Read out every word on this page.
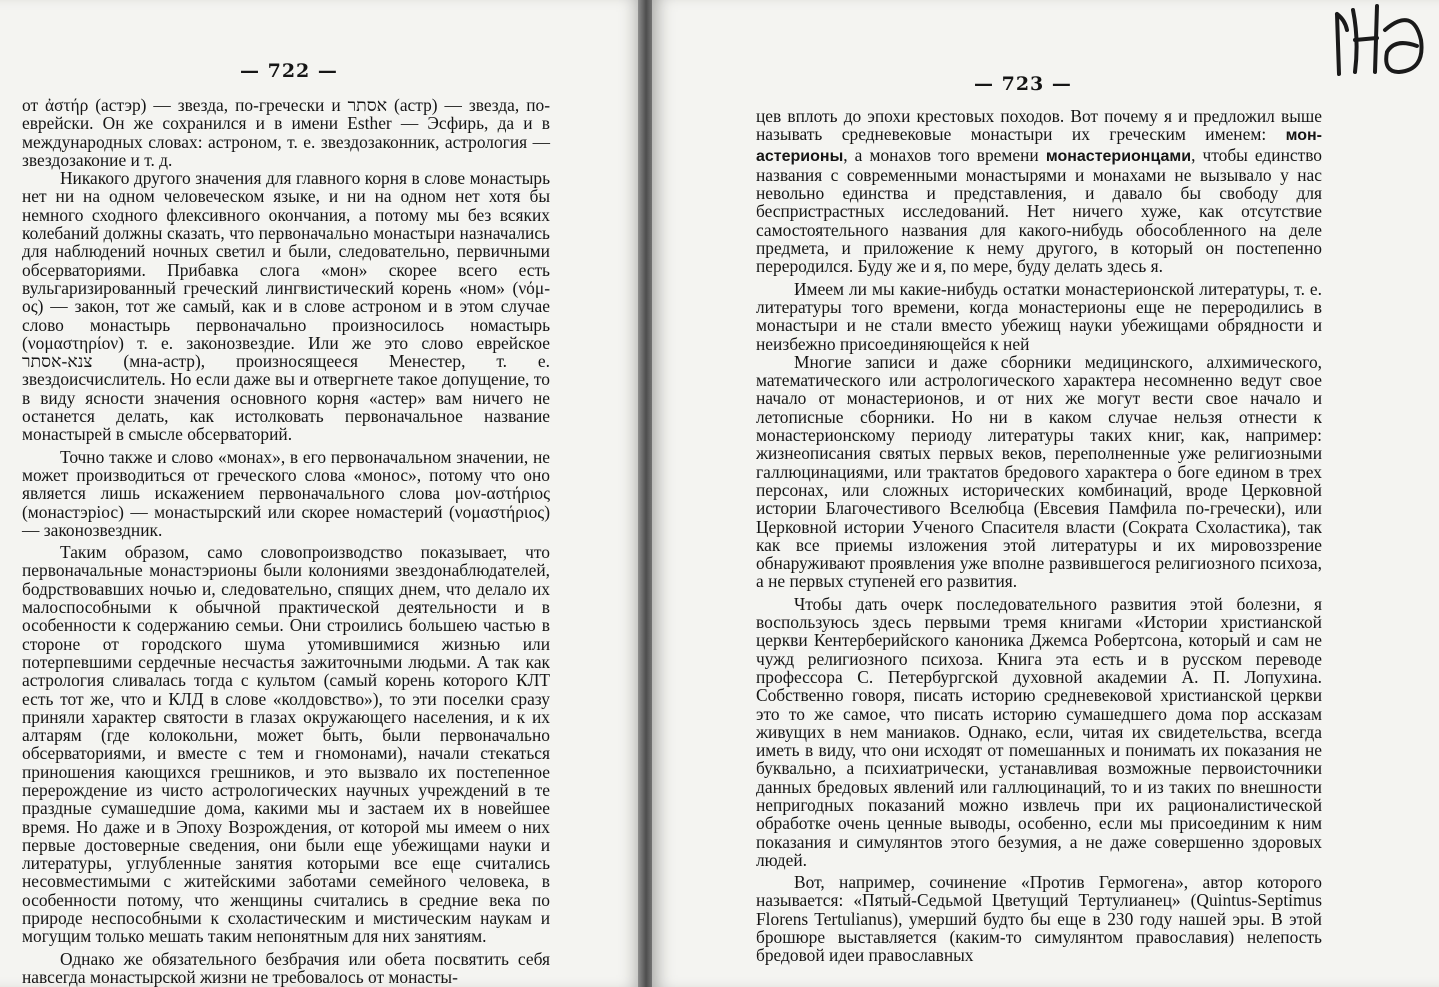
— 722 —

от ἀστήρ (астэр) — звезда, по-гречески и אסתר (астр) — звезда, по-еврейски. Он же сохранился и в имени Esther — Эсфирь, да и в международных словах: астроном, т. е. звездозаконник, астрология — звездозаконие и т. д.

Никакого другого значения для главного корня в слове монастырь нет ни на одном человеческом языке, и ни на одном нет хотя бы немного сходного флексивного окончания, а потому мы без всяких колебаний должны сказать, что первоначально монастыри назначались для наблюдений ночных светил и были, следовательно, первичными обсерваториями. Прибавка слога «мон» скорее всего есть вульгаризированный греческий лингвистический корень «ном» (νόμ-ος) — закон, тот же самый, как и в слове астроном и в этом случае слово монастырь первоначально произносилось номастырь (νομαστηρίον) т. е. законозвездие. Или же это слово еврейское צנא-אסתר (мна-астр), произносящееся Менестер, т. е. звездоисчислитель. Но если даже вы и отвергнете такое допущение, то в виду ясности значения основного корня «астер» вам ничего не останется делать, как истолковать первоначальное название монастырей в смысле обсерваторий.

Точно также и слово «монах», в его первоначальном значении, не может производиться от греческого слова «монос», потому что оно является лишь искажением первоначального слова μον-αστήριος (монастэрiос) — монастырский или скорее номастерий (νομαστήριος) — законозвездник.

Таким образом, само словопроизводство показывает, что первоначальные монастэрионы были колониями звездонаблюдателей, бодрствовавших ночью и, следовательно, спящих днем, что делало их малоспособными к обычной практической деятельности и в особенности к содержанию семьи. Они строились большею частью в стороне от городского шума утомившимися жизнью или потерпевшими сердечные несчастья зажиточными людьми. А так как астрология сливалась тогда с культом (самый корень которого КЛТ есть тот же, что и КЛД в слове «колдовство»), то эти поселки сразу приняли характер святости в глазах окружающего населения, и к их алтарям (где колокольни, может быть, были первоначально обсерваториями, и вместе с тем и гномонами), начали стекаться приношения кающихся грешников, и это вызвало их постепенное перерождение из чисто астрологических научных учреждений в те праздные сумашедшие дома, какими мы и застаем их в новейшее время. Но даже и в Эпоху Возрождения, от которой мы имеем о них первые достоверные сведения, они были еще убежищами науки и литературы, углубленные занятия которыми все еще считались несовместимыми с житейскими заботами семейного человека, в особенности потому, что женщины считались в средние века по природе неспособными к схоластическим и мистическим наукам и могущим только мешать таким непонятным для них занятиям.

Однако же обязательного безбрачия или обета посвятить себя навсегда монастырской жизни не требовалось от монасты-

— 723 —

цев вплоть до эпохи крестовых походов. Вот почему я и предложил выше называть средневековые монастыри их греческим именем: мон-астерионы, а монахов того времени монастерионцами, чтобы единство названия с современными монастырями и монахами не вызывало у нас невольно единства и представления, и давало бы свободу для беспристрастных исследований. Нет ничего хуже, как отсутствие самостоятельного названия для какого-нибудь обособленного на деле предмета, и приложение к нему другого, в который он постепенно переродился. Буду же и я, по мере, буду делать здесь я.

Имеем ли мы какие-нибудь остатки монастерионской литературы, т. е. литературы того времени, когда монастерионы еще не переродились в монастыри и не стали вместо убежищ науки убежищами обрядности и неизбежно присоединяющейся к ней

Многие записи и даже сборники медицинского, алхимического, математического или астрологического характера несомненно ведут свое начало от монастерионов, и от них же могут вести свое начало и летописные сборники. Но ни в каком случае нельзя отнести к монастерионскому периоду литературы таких книг, как, например: жизнеописания святых первых веков, переполненные уже религиозными галлюцинациями, или трактатов бредового характера о боге едином в трех персонах, или сложных исторических комбинаций, вроде Церковной истории Благочестивого Вселюбца (Евсевия Памфила по-гречески), или Церковной истории Ученого Спасителя власти (Сократа Схоластика), так как все приемы изложения этой литературы и их мировоззрение обнаруживают проявления уже вполне развившегося религиозного психоза, а не первых ступеней его развития.

Чтобы дать очерк последовательного развития этой болезни, я воспользуюсь здесь первыми тремя книгами «Истории христианской церкви Кентерберийского каноника Джемса Робертсона, который и сам не чужд религиозного психоза. Книга эта есть и в русском переводе профессора С. Петербургской духовной академии А. П. Лопухина. Собственно говоря, писать историю средневековой христианской церкви это то же самое, что писать историю сумашедшего дома пор ассказам живущих в нем маниаков. Однако, если, читая их свидетельства, всегда иметь в виду, что они исходят от помешанных и понимать их показания не буквально, а психиатрически, устанавливая возможные первоисточники данных бредовых явлений или галлюцинаций, то и из таких по внешности непригодных показаний можно извлечь при их рационалистической обработке очень ценные выводы, особенно, если мы присоединим к ним показания и симулянтов этого безумия, а не даже совершенно здоровых людей.

Вот, например, сочинение «Против Гермогена», автор которого называется: «Пятый-Седьмой Цветущий Тертулианец» (Quintus-Septimus Florens Tertulianus), умерший будто бы еще в 230 году нашей эры. В этой брошюре выставляется (каким-то симулянтом православия) нелепость бредовой идеи православных
